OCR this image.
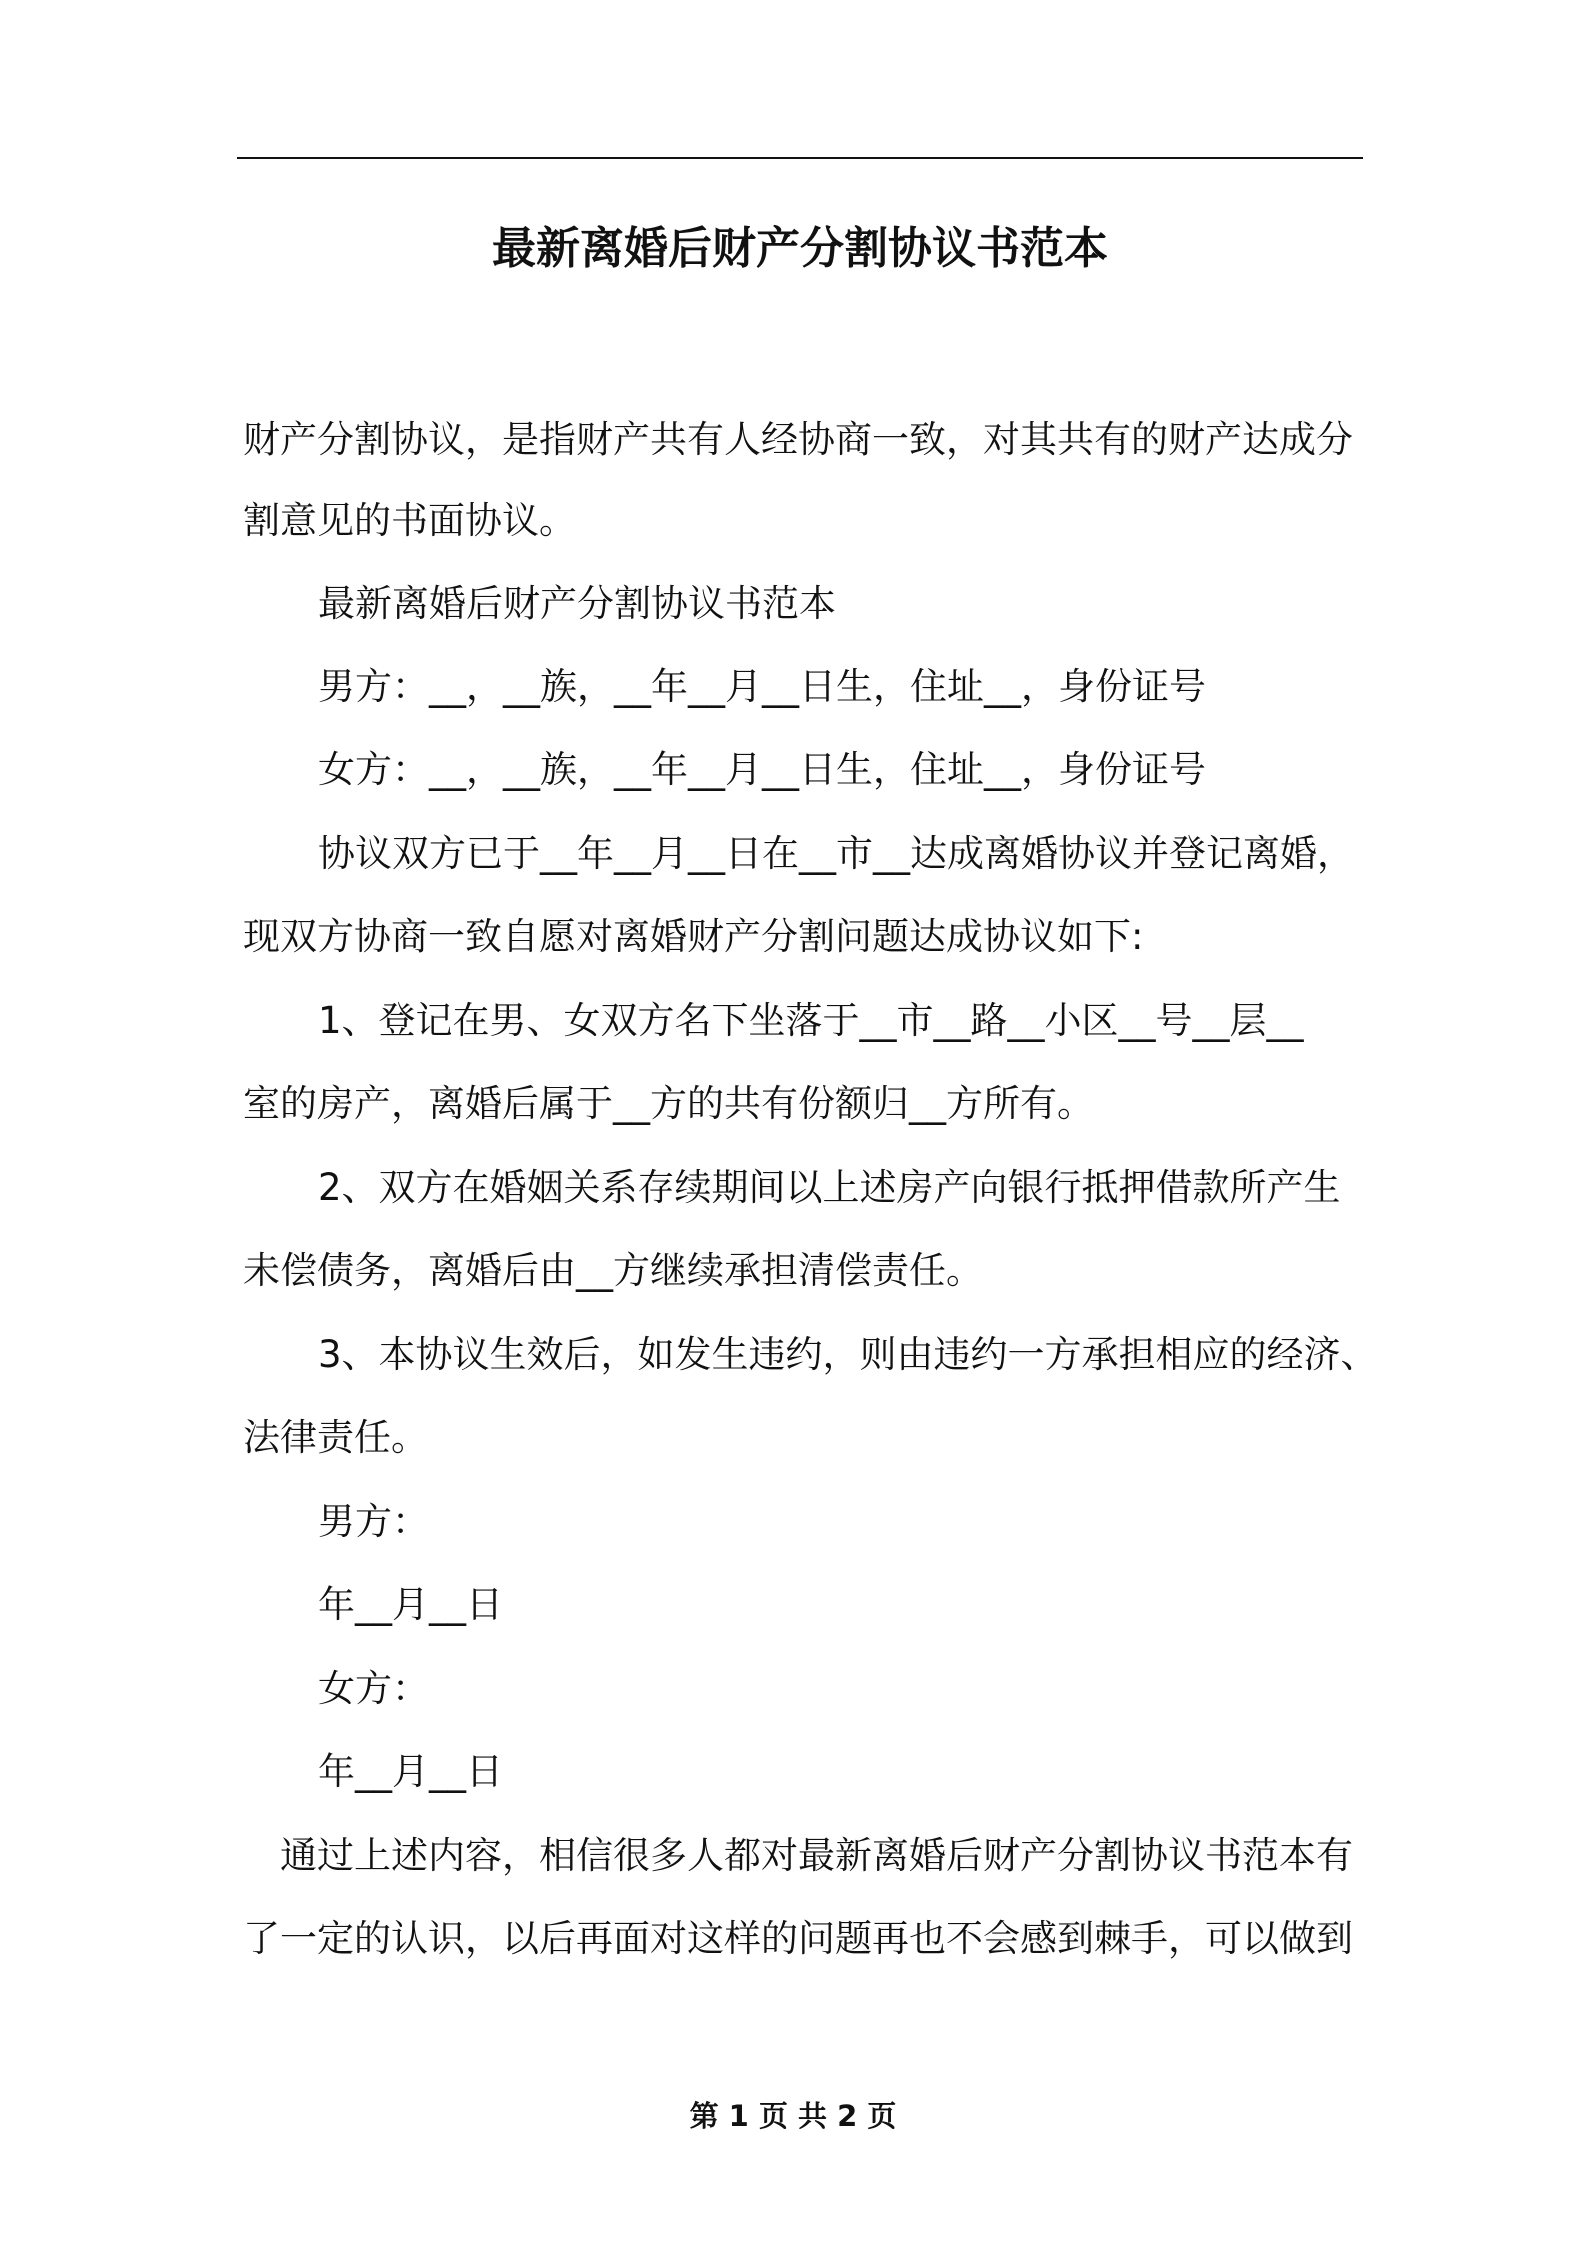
最新离婚后财产分割协议书范本

财产分割协议，是指财产共有人经协商一致，对其共有的财产达成分

割意见的书面协议。

最新离婚后财产分割协议书范本

男方：__，__族，__年__月__日生，住址__，身份证号

女方：__，__族，__年__月__日生，住址__，身份证号

协议双方已于__年__月__日在__市__达成离婚协议并登记离婚，

现双方协商一致自愿对离婚财产分割问题达成协议如下:

1、登记在男、女双方名下坐落于__市__路__小区__号__层__

室的房产，离婚后属于__方的共有份额归__方所有。

2、双方在婚姻关系存续期间以上述房产向银行抵押借款所产生

未偿债务，离婚后由__方继续承担清偿责任。

3、本协议生效后，如发生违约，则由违约一方承担相应的经济、

法律责任。

男方：

年__月__日

女方：

年__月__日

通过上述内容，相信很多人都对最新离婚后财产分割协议书范本有

了一定的认识，以后再面对这样的问题再也不会感到棘手，可以做到

第 1 页 共 2 页
